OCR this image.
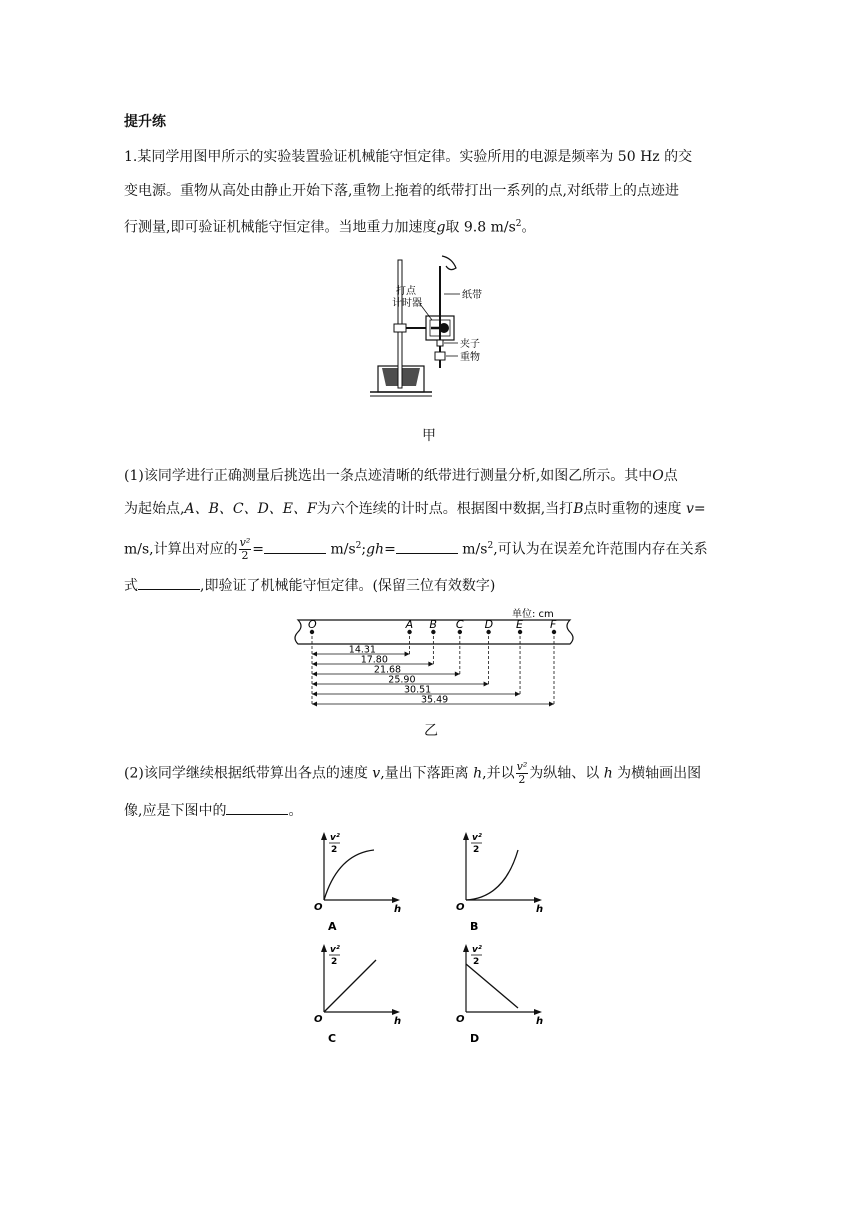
提升练
1.某同学用图甲所示的实验装置验证机械能守恒定律。实验所用的电源是频率为 50 Hz 的交
变电源。重物从高处由静止开始下落,重物上拖着的纸带打出一系列的点,对纸带上的点迹进
行测量,即可验证机械能守恒定律。当地重力加速度g取 9.8 $m/s^2$。
打点
计时器
纸带
夹子
重物
甲
(1)该同学进行正确测量后挑选出一条点迹清晰的纸带进行测量分析,如图乙所示。其中O点
为起始点,A、B、C、D、E、F为六个连续的计时点。根据图中数据,当打B点时重物的速度 v=
m/s,计算出对应的 $\frac{\text{v²}}{2}$ =	$m/s^2;gh=$	$m/s^2$,可认为在误差允许范围内存在关系
式	,即验证了机械能守恒定律。(保留三位有效数字)
单位: cm
O	A B C D E F
14.31
17.80
21.68
25.90
30.51
35.49
乙
(2)该同学继续根据纸带算出各点的速度 v,量出下落距离 h,并以 $\frac{\text{v²}}{2}$ 为纵轴、以 h 为横轴画出图
像,应是下图中的	。
v²
2
O	h
A
v²
2
O	h
B
v²
2
O	h
C
v²
2
O	h
D
